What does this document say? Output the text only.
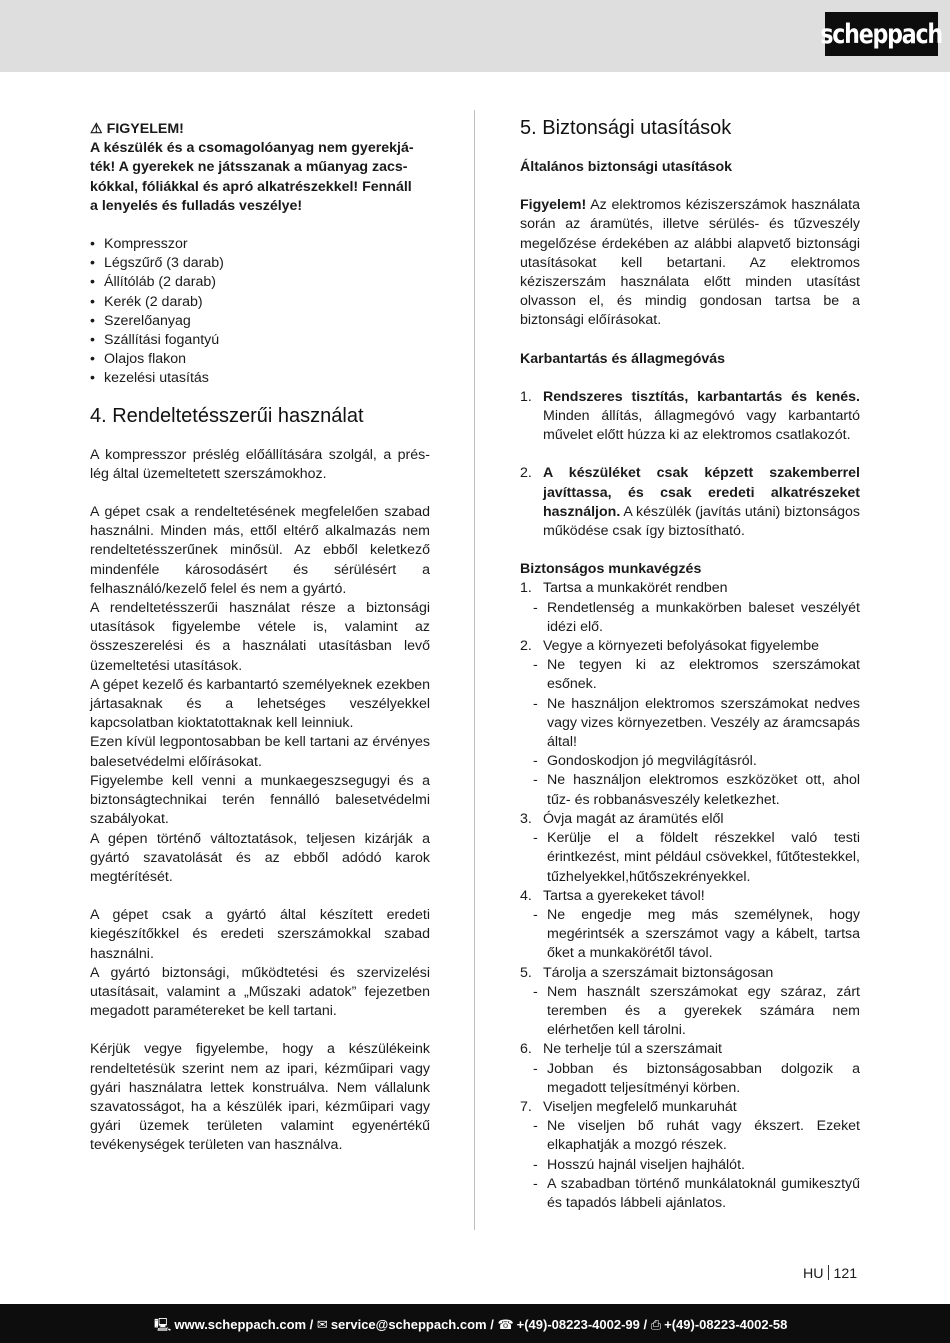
scheppach
⚠ FIGYELEM!
A készülék és a csomagolóanyag nem gyerekjá-
ték! A gyerekek ne játsszanak a műanyag zacs-
kókkal, fóliákkal és apró alkatrészekkel! Fennáll
a lenyelés és fulladás veszélye!
• Kompresszor
• Légszűrő (3 darab)
• Állítóláb (2 darab)
• Kerék (2 darab)
• Szerelőanyag
• Szállítási fogantyú
• Olajos flakon
• kezelési utasítás
4. Rendeltetésszerűi használat

A kompresszor préslég előállítására szolgál, a prés-lég által üzemeltetett szerszámokhoz.

A gépet csak a rendeltetésének megfelelően szabad használni. Minden más, ettől eltérő alkalmazás nem rendeltetésszerűnek minősül. Az ebből keletkező mindenféle károsodásért és sérülésért a felhasználó/kezelő felel és nem a gyártó.

A rendeltetésszerűi használat része a biztonsági utasítások figyelembe vétele is, valamint az összeszerelési és a használati utasításban levő üzemeltetési utasítások.

A gépet kezelő és karbantartó személyeknek ezekben jártasaknak és a lehetséges veszélyekkel kapcsolatban kioktatottaknak kell leinniuk.

Ezen kívül legpontosabban be kell tartani az érvényes balesetvédelmi előírásokat.

Figyelembe kell venni a munkaegeszsegugyi és a biztonságtechnikai terén fennálló balesetvédelmi szabályokat.

A gépen történő változtatások, teljesen kizárják a gyártó szavatolását és az ebből adódó karok megtérítését.

A gépet csak a gyártó által készített eredeti kiegészítőkkel és eredeti szerszámokkal szabad használni.

A gyártó biztonsági, működtetési és szervizelési utasításait, valamint a „Műszaki adatok” fejezetben megadott paramétereket be kell tartani.

Kérjük vegye figyelembe, hogy a készülékeink rendeltetésük szerint nem az ipari, kézműipari vagy gyári használatra lettek konstruálva. Nem vállalunk szavatosságot, ha a készülék ipari, kézműipari vagy gyári üzemek területen valamint egyenértékű tevékenységek területen van használva.

5. Biztonsági utasítások
Általános biztonsági utasítások

Figyelem! Az elektromos kéziszerszámok használata során az áramütés, illetve sérülés- és tűzveszély megelőzése érdekében az alábbi alapvető biztonsági utasításokat kell betartani. Az elektromos kéziszerszám használata előtt minden utasítást olvasson el, és mindig gondosan tartsa be a biztonsági előírásokat.

Karbantartás és állagmegóvás
1. Rendszeres tisztítás, karbantartás és kenés. Minden állítás, állagmegóvó vagy karbantartó művelet előtt húzza ki az elektromos csatlakozót.
2. A készüléket csak képzett szakemberrel javíttassa, és csak eredeti alkatrészeket használjon. A készülék (javítás utáni) biztonságos működése csak így biztosítható.
Biztonságos munkavégzés
1. Tartsa a munkakörét rendben
- Rendetlenség a munkakörben baleset veszélyét idézi elő.
2. Vegye a környezeti befolyásokat figyelembe
- Ne tegyen ki az elektromos szerszámokat esőnek.
- Ne használjon elektromos szerszámokat nedves vagy vizes környezetben. Veszély az áramcsapás által!
- Gondoskodjon jó megvilágításról.
- Ne használjon elektromos eszközöket ott, ahol tűz- és robbanásveszély keletkezhet.
3. Óvja magát az áramütés elől
- Kerülje el a földelt részekkel való testi érintkezést, mint például csövekkel, fűtőtestekkel, tűzhelyekkel,hűtőszekrényekkel.
4. Tartsa a gyerekeket távol!
- Ne engedje meg más személynek, hogy megérintsék a szerszámot vagy a kábelt, tartsa őket a munkakörétől távol.
5. Tárolja a szerszámait biztonságosan
- Nem használt szerszámokat egy száraz, zárt teremben és a gyerekek számára nem elérhetően kell tárolni.
6. Ne terhelje túl a szerszámait
- Jobban és biztonságosabban dolgozik a megadott teljesítményi körben.
7. Viseljen megfelelő munkaruhát
- Ne viseljen bő ruhát vagy ékszert. Ezeket elkaphatják a mozgó részek.
- Hosszú hajnál viseljen hajhálót.
- A szabadban történő munkálatoknál gumikesztyű és tapadós lábbeli ajánlatos.
HU 121
🖳 www.scheppach.com / ✉ service@scheppach.com / ☎ +(49)-08223-4002-99 / ⎙ +(49)-08223-4002-58
